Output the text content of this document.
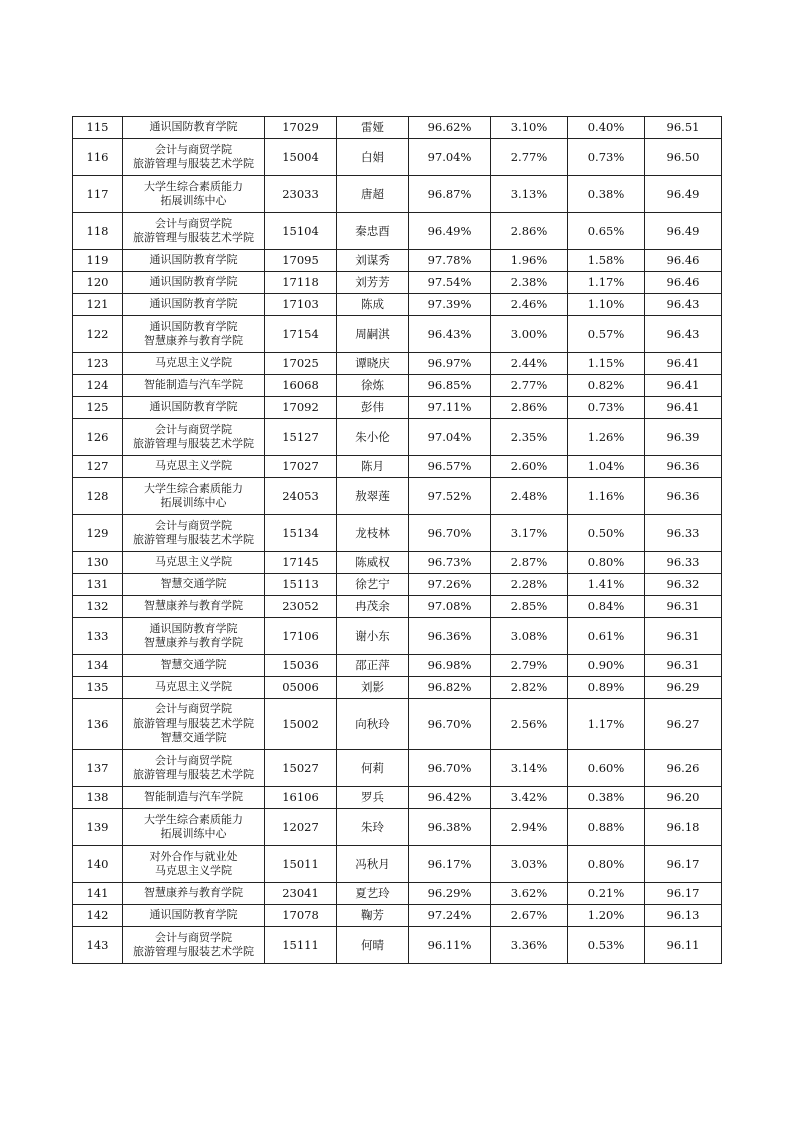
115	通识国防教育学院	17029	雷娅	96.62%	3.10%	0.40%	96.51
116	会计与商贸学院
旅游管理与服装艺术学院	15004	白娟	97.04%	2.77%	0.73%	96.50
117	大学生综合素质能力
拓展训练中心	23033	唐超	96.87%	3.13%	0.38%	96.49
118	会计与商贸学院
旅游管理与服装艺术学院	15104	秦忠酉	96.49%	2.86%	0.65%	96.49
119	通识国防教育学院	17095	刘谋秀	97.78%	1.96%	1.58%	96.46
120	通识国防教育学院	17118	刘芳芳	97.54%	2.38%	1.17%	96.46
121	通识国防教育学院	17103	陈成	97.39%	2.46%	1.10%	96.43
122	通识国防教育学院
智慧康养与教育学院	17154	周嗣淇	96.43%	3.00%	0.57%	96.43
123	马克思主义学院	17025	谭晓庆	96.97%	2.44%	1.15%	96.41
124	智能制造与汽车学院	16068	徐炼	96.85%	2.77%	0.82%	96.41
125	通识国防教育学院	17092	彭伟	97.11%	2.86%	0.73%	96.41
126	会计与商贸学院
旅游管理与服装艺术学院	15127	朱小伦	97.04%	2.35%	1.26%	96.39
127	马克思主义学院	17027	陈月	96.57%	2.60%	1.04%	96.36
128	大学生综合素质能力
拓展训练中心	24053	敖翠莲	97.52%	2.48%	1.16%	96.36
129	会计与商贸学院
旅游管理与服装艺术学院	15134	龙枝林	96.70%	3.17%	0.50%	96.33
130	马克思主义学院	17145	陈威权	96.73%	2.87%	0.80%	96.33
131	智慧交通学院	15113	徐艺宁	97.26%	2.28%	1.41%	96.32
132	智慧康养与教育学院	23052	冉茂余	97.08%	2.85%	0.84%	96.31
133	通识国防教育学院
智慧康养与教育学院	17106	谢小东	96.36%	3.08%	0.61%	96.31
134	智慧交通学院	15036	邵正萍	96.98%	2.79%	0.90%	96.31
135	马克思主义学院	05006	刘影	96.82%	2.82%	0.89%	96.29
136	会计与商贸学院
旅游管理与服装艺术学院
智慧交通学院	15002	向秋玲	96.70%	2.56%	1.17%	96.27
137	会计与商贸学院
旅游管理与服装艺术学院	15027	何莉	96.70%	3.14%	0.60%	96.26
138	智能制造与汽车学院	16106	罗兵	96.42%	3.42%	0.38%	96.20
139	大学生综合素质能力
拓展训练中心	12027	朱玲	96.38%	2.94%	0.88%	96.18
140	对外合作与就业处
马克思主义学院	15011	冯秋月	96.17%	3.03%	0.80%	96.17
141	智慧康养与教育学院	23041	夏艺玲	96.29%	3.62%	0.21%	96.17
142	通识国防教育学院	17078	鞠芳	97.24%	2.67%	1.20%	96.13
143	会计与商贸学院
旅游管理与服装艺术学院	15111	何晴	96.11%	3.36%	0.53%	96.11
